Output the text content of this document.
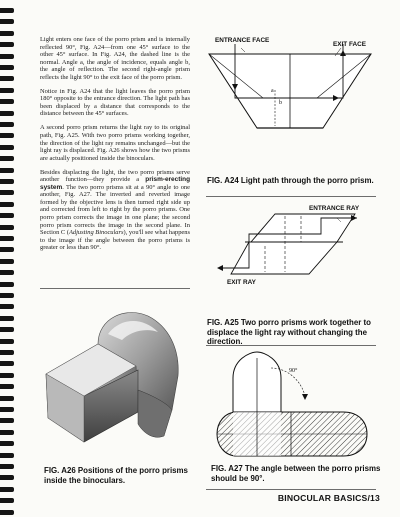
Light enters one face of the porro prism and is internally reflected 90°, Fig. A24—from one 45° surface to the other 45° surface. In Fig. A24, the dashed line is the normal. Angle a, the angle of incidence, equals angle b, the angle of reflection. The second right-angle prism reflects the light 90° to the exit face of the porro prism.

Notice in Fig. A24 that the light leaves the porro prism 180° opposite to the entrance direction. The light path has been displaced by a distance that corresponds to the distance between the 45° surfaces.

A second porro prism returns the light ray to its original path, Fig. A25. With two porro prisms working together, the direction of the light ray remains unchanged—but the light ray is displaced. Fig. A26 shows how the two prisms are actually positioned inside the binoculars.

Besides displacing the light, the two porro prisms serve another function—they provide a prism-erecting system. The two porro prisms sit at a 90° angle to one another, Fig. A27. The inverted and reverted image formed by the objective lens is then turned right side up and corrected from left to right by the porro prisms. One porro prism corrects the image in one plane; the second porro prism corrects the image in the second plane. In Section C (Adjusting Binoculars), you'll see what happens to the image if the angle between the porro prisms is greater or less than 90°.

ENTRANCE FACE
EXIT FACE
a
b
FIG. A24 Light path through the porro prism.
ENTRANCE RAY
EXIT RAY
FIG. A25 Two porro prisms work together to displace the light ray without changing the direction.
FIG. A26 Positions of the porro prisms inside the binoculars.
90°
FIG. A27 The angle between the porro prisms should be 90°.
BINOCULAR BASICS/13
